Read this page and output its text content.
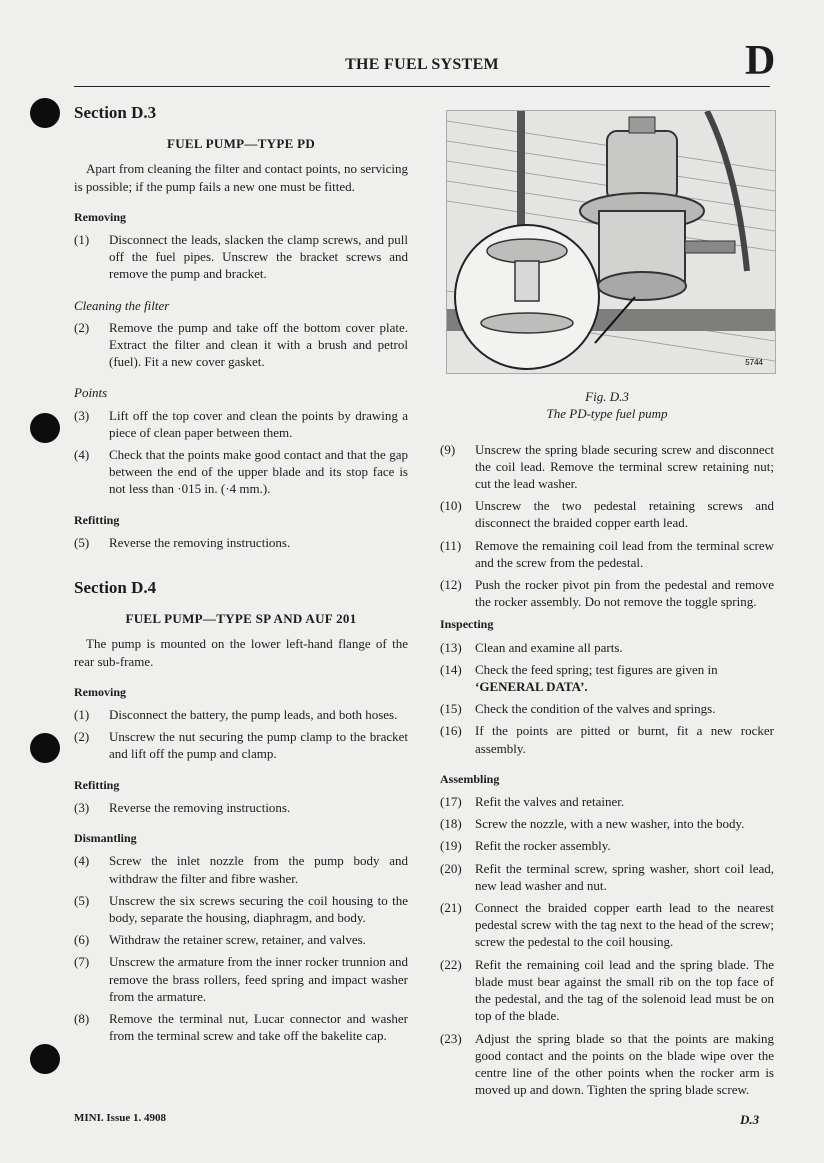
THE FUEL SYSTEM	D
Section D.3
FUEL PUMP—TYPE PD

Apart from cleaning the filter and contact points, no servicing is possible; if the pump fails a new one must be fitted.

Removing
(1)	Disconnect the leads, slacken the clamp screws, and pull off the fuel pipes. Unscrew the bracket screws and remove the pump and bracket.
Cleaning the filter
(2)	Remove the pump and take off the bottom cover plate. Extract the filter and clean it with a brush and petrol (fuel). Fit a new cover gasket.
Points
(3)	Lift off the top cover and clean the points by drawing a piece of clean paper between them.
(4)	Check that the points make good contact and that the gap between the end of the upper blade and its stop face is not less than ·015 in. (·4 mm.).
Refitting
(5)	Reverse the removing instructions.
Section D.4
FUEL PUMP—TYPE SP AND AUF 201

The pump is mounted on the lower left-hand flange of the rear sub-frame.

Removing
(1)	Disconnect the battery, the pump leads, and both hoses.
(2)	Unscrew the nut securing the pump clamp to the bracket and lift off the pump and clamp.
Refitting
(3)	Reverse the removing instructions.
Dismantling
(4)	Screw the inlet nozzle from the pump body and withdraw the filter and fibre washer.
(5)	Unscrew the six screws securing the coil housing to the body, separate the housing, diaphragm, and body.
(6)	Withdraw the retainer screw, retainer, and valves.
(7)	Unscrew the armature from the inner rocker trunnion and remove the brass rollers, feed spring and impact washer from the armature.
(8)	Remove the terminal nut, Lucar connector and washer from the terminal screw and take off the bakelite cap.
5744
Fig. D.3
The PD-type fuel pump
(9)	Unscrew the spring blade securing screw and disconnect the coil lead. Remove the terminal screw retaining nut; cut the lead washer.
(10)	Unscrew the two pedestal retaining screws and disconnect the braided copper earth lead.
(11)	Remove the remaining coil lead from the terminal screw and the screw from the pedestal.
(12)	Push the rocker pivot pin from the pedestal and remove the rocker assembly. Do not remove the toggle spring.
Inspecting
(13)	Clean and examine all parts.
(14)	Check the feed spring; test figures are given in
‘GENERAL DATA’.
(15)	Check the condition of the valves and springs.
(16)	If the points are pitted or burnt, fit a new rocker assembly.
Assembling
(17)	Refit the valves and retainer.
(18)	Screw the nozzle, with a new washer, into the body.
(19)	Refit the rocker assembly.
(20)	Refit the terminal screw, spring washer, short coil lead, new lead washer and nut.
(21)	Connect the braided copper earth lead to the nearest pedestal screw with the tag next to the head of the screw; screw the pedestal to the coil housing.
(22)	Refit the remaining coil lead and the spring blade. The blade must bear against the small rib on the top face of the pedestal, and the tag of the solenoid lead must be on top of the blade.
(23)	Adjust the spring blade so that the points are making good contact and the points on the blade wipe over the centre line of the other points when the rocker arm is moved up and down. Tighten the spring blade screw.
MINI. Issue 1. 4908	D.3
